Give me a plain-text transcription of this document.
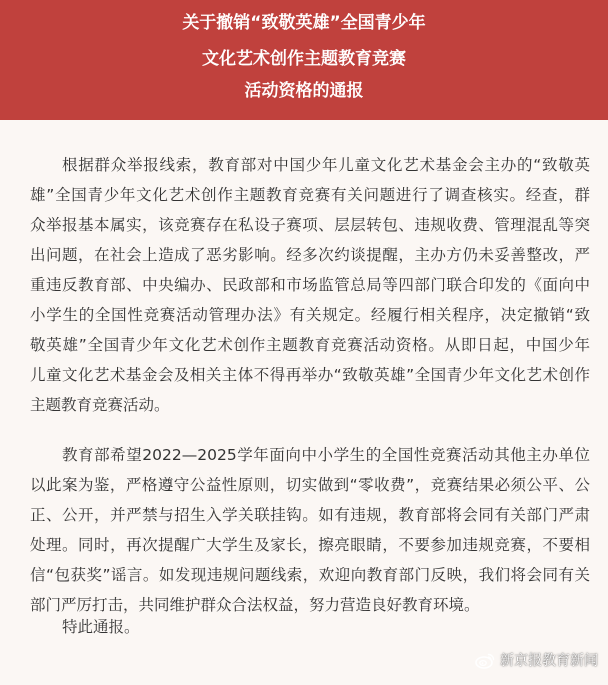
关于撤销“致敬英雄”全国青少年
文化艺术创作主题教育竞赛
活动资格的通报
根据群众举报线索，教育部对中国少年儿童文化艺术基金会主办的“致敬英
雄”全国青少年文化艺术创作主题教育竞赛有关问题进行了调查核实。经查，群
众举报基本属实，该竞赛存在私设子赛项、层层转包、违规收费、管理混乱等突
出问题，在社会上造成了恶劣影响。经多次约谈提醒，主办方仍未妥善整改，严
重违反教育部、中央编办、民政部和市场监管总局等四部门联合印发的《面向中
小学生的全国性竞赛活动管理办法》有关规定。经履行相关程序，决定撤销“致
敬英雄”全国青少年文化艺术创作主题教育竞赛活动资格。从即日起，中国少年
儿童文化艺术基金会及相关主体不得再举办“致敬英雄”全国青少年文化艺术创作
主题教育竞赛活动。
教育部希望2022—2025学年面向中小学生的全国性竞赛活动其他主办单位
以此案为鉴，严格遵守公益性原则，切实做到“零收费”，竞赛结果必须公平、公
正、公开，并严禁与招生入学关联挂钩。如有违规，教育部将会同有关部门严肃
处理。同时，再次提醒广大学生及家长，擦亮眼睛，不要参加违规竞赛，不要相
信“包获奖”谣言。如发现违规问题线索，欢迎向教育部门反映，我们将会同有关
部门严厉打击，共同维护群众合法权益，努力营造良好教育环境。
特此通报。
新京报教育新闻
